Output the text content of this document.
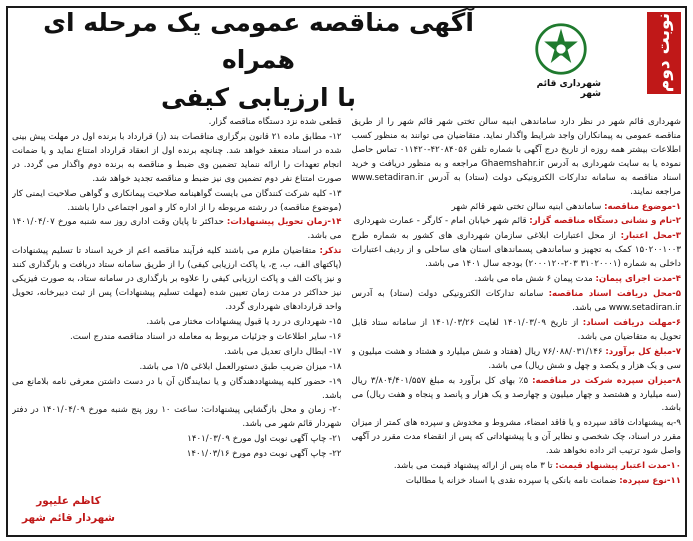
نوبت دوم
شهرداری قائم شهر
آگهی مناقصه عمومی یک مرحله ای همراه
با ارزیابی کیفی

شهرداری قائم شهر در نظر دارد ساماندهی ابنیه سالن تختی شهر قائم شهر را از طریق مناقصه عمومی به پیمانکاران واجد شرایط واگذار نماید. متقاضیان می توانند به منظور کسب اطلاعات بیشتر همه روزه از تاریخ درج آگهی با شماره تلفن ۴۲۰۸۴۰۵۶-۰۱۱۴۲۰ تماس حاصل نموده یا به سایت شهرداری به آدرس Ghaemshahr.ir مراجعه و به منظور دریافت و خرید اسناد مناقصه به سامانه تدارکات الکترونیکی دولت (ستاد) به آدرس www.setadiran.ir مراجعه نمایند.

۱-موضوع مناقصه: ساماندهی ابنیه سالن تختی شهر قائم شهر

۲-نام و نشانی دستگاه مناقصه گزار: قائم شهر خیابان امام - کارگر - عمارت شهرداری

۳-محل اعتبار: از محل اعتبارات ابلاغی سازمان شهرداری های کشور به شماره طرح ۱۵۰۲۰۰۱۰۰۳ کمک به تجهیز و ساماندهی پسماندهای استان های ساحلی و از ردیف اعتبارات داخلی به شماره (۳۱۰۲۰۰۰۱ ۲۰۳-۲۰۰۰۱۲۰) بودجه سال ۱۴۰۱ می باشد.

۴-مدت اجرای پیمان: مدت پیمان ۶ شش ماه می باشد.

۵-محل دریافت اسناد مناقصه: سامانه تدارکات الکترونیکی دولت (ستاد) به آدرس www.setadiran.ir می باشد.

۶-مهلت دریافت اسناد: از تاریخ ۱۴۰۱/۰۳/۰۹ لغایت ۱۴۰۱/۰۳/۲۶ از سامانه ستاد قابل تحویل به متقاضیان می باشد.

۷-مبلغ کل برآورد: ۷۶/۰۸۸/۰۳۱/۱۴۶ ریال (هفتاد و شش میلیارد و هشتاد و هشت میلیون و سی و یک هزار و یکصد و چهل و شش ریال) می باشد.

۸-میزان سپرده شرکت در مناقصه: ۵٪ بهای کل برآورد به مبلغ ۳/۸۰۴/۴۰۱/۵۵۷ ریال (سه میلیارد و هشتصد و چهار میلیون و چهارصد و یک هزار و پانصد و پنجاه و هفت ریال) می باشد.

۹-به پیشنهادات فاقد سپرده و یا فاقد امضاء، مشروط و مخدوش و سپرده های کمتر از میزان مقرر در اسناد، چک شخصی و نظایر آن و یا پیشنهاداتی که پس از انقضاء مدت مقرر در آگهی واصل شود ترتیب اثر داده نخواهد شد.

۱۰-مدت اعتبار پیشنهاد قیمت: تا ۳ ماه پس از ارائه پیشنهاد قیمت می باشد.

۱۱-نوع سپرده: ضمانت نامه بانکی یا سپرده نقدی یا اسناد خزانه یا مطالبات

قطعی شده نزد دستگاه مناقصه گزار.

۱۲- مطابق ماده ۲۱ قانون برگزاری مناقصات بند (ز) قرارداد با برنده اول در مهلت پیش بینی شده در اسناد منعقد خواهد شد. چنانچه برنده اول از انعقاد قرارداد امتناع نماید و یا ضمانت انجام تعهدات را ارائه ننماید تضمین وی ضبط و مناقصه به برنده دوم واگذار می گردد. در صورت امتناع نفر دوم تضمین وی نیز ضبط و مناقصه تجدید خواهد شد.

۱۳- کلیه شرکت کنندگان می بایست گواهینامه صلاحیت پیمانکاری و گواهی صلاحیت ایمنی کار (موضوع مناقصه) در رشته مربوطه را از اداره کار و امور اجتماعی دارا باشند.

۱۴-زمان تحویل پیشنهادات: حداکثر تا پایان وقت اداری روز سه شنبه مورخ ۱۴۰۱/۰۴/۰۷ می باشد.

تذکر: متقاضیان ملزم می باشند کلیه فرآیند مناقصه اعم از خرید اسناد تا تسلیم پیشنهادات (پاکتهای الف، ب، ج، یا پاکت ارزیابی کیفی) را از طریق سامانه ستاد دریافت و بارگذاری کنند و نیز پاکت الف و پاکت ارزیابی کیفی را علاوه بر بارگذاری در سامانه ستاد، به صورت فیزیکی نیز حداکثر در مدت زمان تعیین شده (مهلت تسلیم پیشنهادات) پس از ثبت دبیرخانه، تحویل واحد قراردادهای شهرداری گردد.

۱۵- شهرداری در رد یا قبول پیشنهادات مختار می باشد.

۱۶- سایر اطلاعات و جزئیات مربوط به معامله در اسناد مناقصه مندرج است.

۱۷- ابطال دارای تعدیل می باشد.

۱۸- میزان ضریب طبق دستورالعمل ابلاغی ۱/۵ می باشد.

۱۹- حضور کلیه پیشنهاددهندگان و یا نمایندگان آن با در دست داشتن معرفی نامه بلامانع می باشد.

۲۰- زمان و محل بازگشایی پیشنهادات: ساعت ۱۰ روز پنج شنبه مورخ ۱۴۰۱/۰۴/۰۹ در دفتر شهردار قائم شهر می باشد.

۲۱- چاپ آگهی نوبت اول مورخ ۱۴۰۱/۰۳/۰۹

۲۲- چاپ آگهی نوبت دوم مورخ ۱۴۰۱/۰۳/۱۶

کاظم علیپور
شهردار قائم شهر
